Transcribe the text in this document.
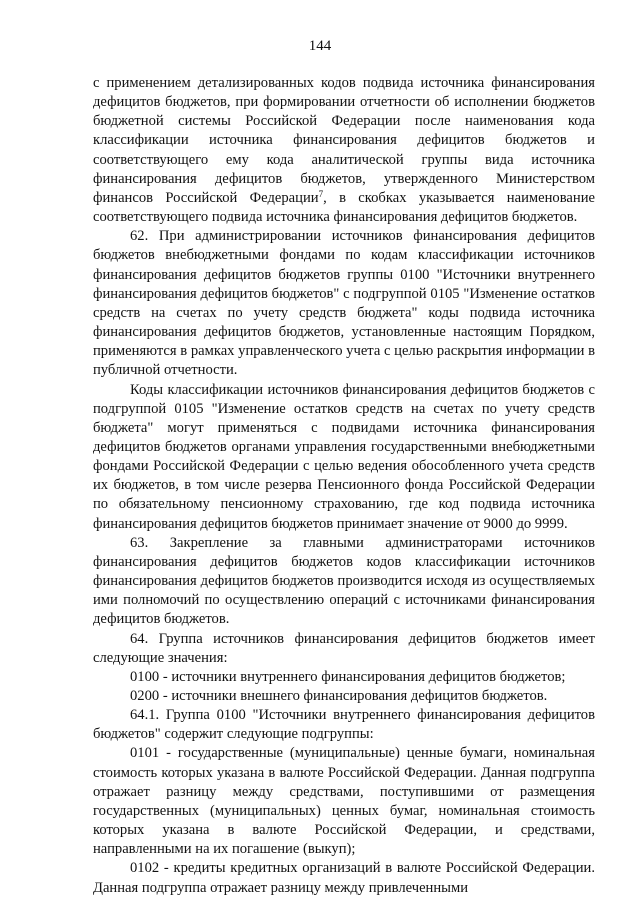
144

с применением детализированных кодов подвида источника финансирования дефицитов бюджетов, при формировании отчетности об исполнении бюджетов бюджетной системы Российской Федерации после наименования кода классификации источника финансирования дефицитов бюджетов и соответствующего ему кода аналитической группы вида источника финансирования дефицитов бюджетов, утвержденного Министерством финансов Российской Федерации$^7$, в скобках указывается наименование соответствующего подвида источника финансирования дефицитов бюджетов.

62. При администрировании источников финансирования дефицитов бюджетов внебюджетными фондами по кодам классификации источников финансирования дефицитов бюджетов группы 0100 "Источники внутреннего финансирования дефицитов бюджетов" с подгруппой 0105 "Изменение остатков средств на счетах по учету средств бюджета" коды подвида источника финансирования дефицитов бюджетов, установленные настоящим Порядком, применяются в рамках управленческого учета с целью раскрытия информации в публичной отчетности.

Коды классификации источников финансирования дефицитов бюджетов с подгруппой 0105 "Изменение остатков средств на счетах по учету средств бюджета" могут применяться с подвидами источника финансирования дефицитов бюджетов органами управления государственными внебюджетными фондами Российской Федерации с целью ведения обособленного учета средств их бюджетов, в том числе резерва Пенсионного фонда Российской Федерации по обязательному пенсионному страхованию, где код подвида источника финансирования дефицитов бюджетов принимает значение от 9000 до 9999.

63. Закрепление за главными администраторами источников финансирования дефицитов бюджетов кодов классификации источников финансирования дефицитов бюджетов производится исходя из осуществляемых ими полномочий по осуществлению операций с источниками финансирования дефицитов бюджетов.

64. Группа источников финансирования дефицитов бюджетов имеет следующие значения:

0100 - источники внутреннего финансирования дефицитов бюджетов;

0200 - источники внешнего финансирования дефицитов бюджетов.

64.1. Группа 0100 "Источники внутреннего финансирования дефицитов бюджетов" содержит следующие подгруппы:

0101 - государственные (муниципальные) ценные бумаги, номинальная стоимость которых указана в валюте Российской Федерации. Данная подгруппа отражает разницу между средствами, поступившими от размещения государственных (муниципальных) ценных бумаг, номинальная стоимость которых указана в валюте Российской Федерации, и средствами, направленными на их погашение (выкуп);

0102 - кредиты кредитных организаций в валюте Российской Федерации. Данная подгруппа отражает разницу между привлеченными
